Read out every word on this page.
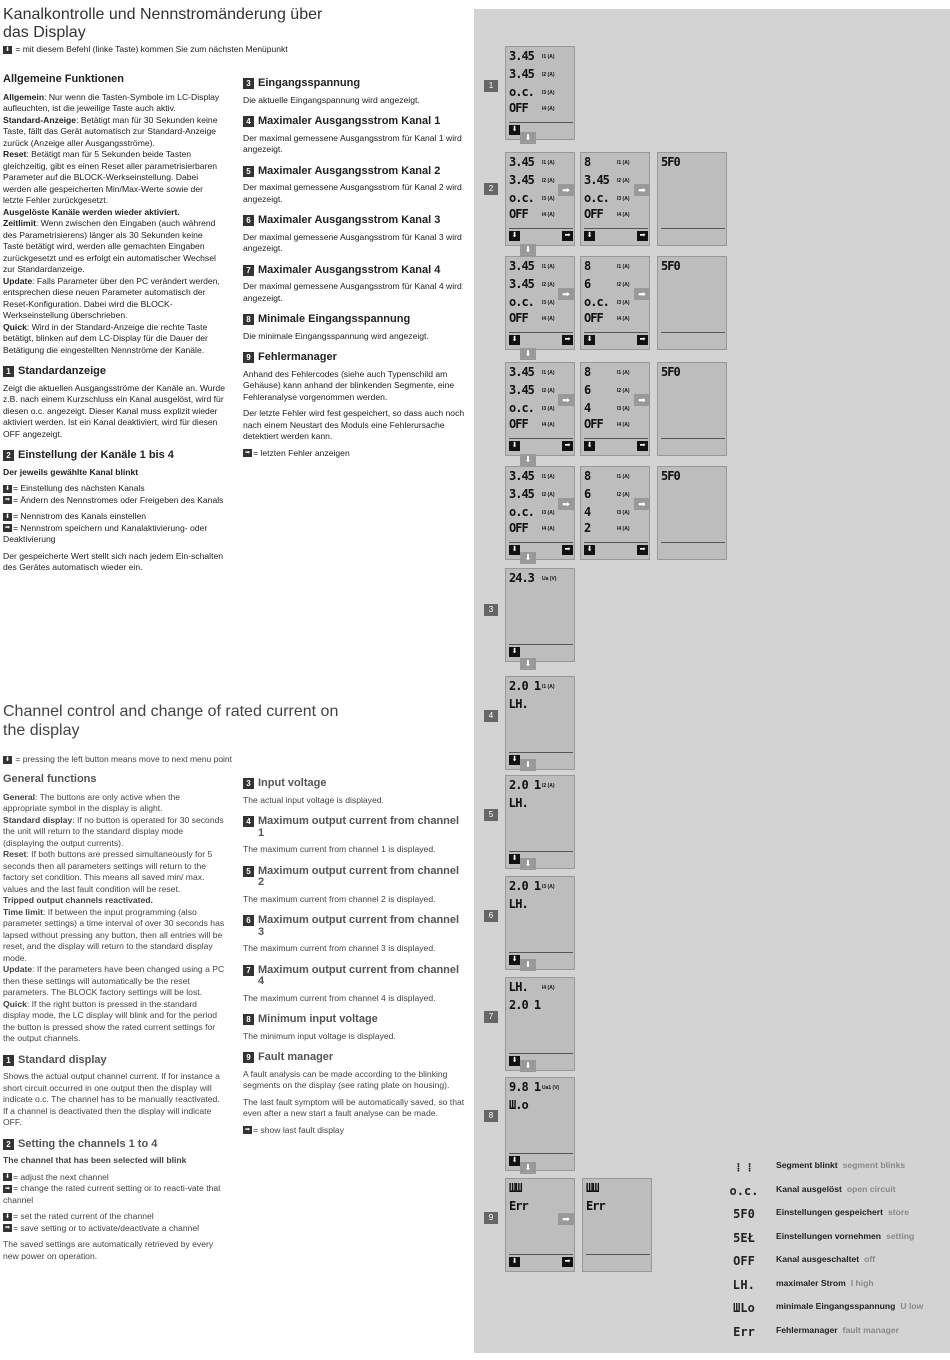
Kanalkontrolle und Nennstromänderung über das Display
⬇ = mit diesem Befehl (linke Taste) kommen Sie zum nächsten Menüpunkt
Allgemeine Funktionen

Allgemein: Nur wenn die Tasten-Symbole im LC-Display aufleuchten, ist die jeweilige Taste auch aktiv.
Standard-Anzeige: Betätigt man für 30 Sekunden keine Taste, fällt das Gerät automatisch zur Standard-Anzeige zurück (Anzeige aller Ausgangsströme).
Reset: Betätigt man für 5 Sekunden beide Tasten gleichzeitig, gibt es einen Reset aller parametrisierbaren Parameter auf die BLOCK-Werkseinstellung. Dabei werden alle gespeicherten Min/Max-Werte sowie der letzte Fehler zurückgesetzt.
Ausgelöste Kanäle werden wieder aktiviert.
Zeitlimit: Wenn zwischen den Eingaben (auch während des Parametrisierens) länger als 30 Sekunden keine Taste betätigt wird, werden alle gemachten Eingaben zurückgesetzt und es erfolgt ein automatischer Wechsel zur Standardanzeige.
Update: Falls Parameter über den PC verändert werden, entsprechen diese neuen Parameter automatisch der Reset-Konfiguration. Dabei wird die BLOCK-Werkseinstellung überschrieben.
Quick: Wird in der Standard-Anzeige die rechte Taste betätigt, blinken auf dem LC-Display für die Dauer der Betätigung die eingestellten Nennströme der Kanäle.

1 Standardanzeige

Zeigt die aktuellen Ausgangsströme der Kanäle an. Wurde z.B. nach einem Kurzschluss ein Kanal ausgelöst, wird für diesen o.c. angezeigt. Dieser Kanal muss explizit wieder aktiviert werden. Ist ein Kanal deaktiviert, wird für diesen OFF angezeigt.

2 Einstellung der Kanäle 1 bis 4

Der jeweils gewählte Kanal blinkt

⬇ = Einstellung des nächsten Kanals
➡ = Ändern des Nennstromes oder Freigeben des Kanals

⬇ = Nennstrom des Kanals einstellen
➡ = Nennstrom speichern und Kanalaktivierung- oder Deaktivierung

Der gespeicherte Wert stellt sich nach jedem Ein-schalten des Gerätes automatisch wieder ein.

3 Eingangsspannung

Die aktuelle Eingangspannung wird angezeigt.

4 Maximaler Ausgangsstrom Kanal 1

Der maximal gemessene Ausgangsstrom für Kanal 1 wird angezeigt.

5 Maximaler Ausgangsstrom Kanal 2

Der maximal gemessene Ausgangsstrom für Kanal 2 wird angezeigt.

6 Maximaler Ausgangsstrom Kanal 3

Der maximal gemessene Ausgangsstrom für Kanal 3 wird angezeigt.

7 Maximaler Ausgangsstrom Kanal 4

Der maximal gemessene Ausgangsstrom für Kanal 4 wird angezeigt.

8 Minimale Eingangsspannung

Die minimale Eingangsspannung wird angezeigt.

9 Fehlermanager

Anhand des Fehlercodes (siehe auch Typenschild am Gehäuse) kann anhand der blinkenden Segmente, eine Fehleranalyse vorgenommen werden.

Der letzte Fehler wird fest gespeichert, so dass auch noch nach einem Neustart des Moduls eine Fehlerursache detektiert werden kann.

➡ = letzten Fehler anzeigen

Channel control and change of rated current on the display
⬇ = pressing the left button means move to next menu point
General functions

General: The buttons are only active when the appropriate symbol in the display is alight.
Standard display: If no button is operated for 30 seconds the unit will return to the standard display mode (displaying the output currents).
Reset: If both buttons are pressed simultaneously for 5 seconds then all parameters settings will return to the factory set condition. This means all saved min/ max. values and the last fault condition will be reset.
Tripped output channels reactivated.
Time limit: If between the input programming (also parameter settings) a time interval of over 30 seconds has lapsed without pressing any button, then all entries will be reset, and the display will return to the standard display mode.
Update: If the parameters have been changed using a PC then these settings will automatically be the reset parameters. The BLOCK factory settings will be lost.
Quick: If the right button is pressed in the standard display mode, the LC display will blink and for the period the button is pressed show the rated current settings for the output channels.

1 Standard display

Shows the actual output channel current. If for instance a short circuit occurred in one output then the display will indicate o.c. The channel has to be manually reactivated. If a channel is deactivated then the display will indicate OFF.

2 Setting the channels 1 to 4

The channel that has been selected will blink

⬇ = adjust the next channel
➡ = change the rated current setting or to reacti-vate that channel

⬇ = set the rated current of the channel
➡ = save setting or to activate/deactivate a channel

The saved settings are automatically retrieved by every new power on operation.

3 Input voltage

The actual input voltage is displayed.

4 Maximum output current from channel 1

The maximum current from channel 1 is displayed.

5 Maximum output current from channel 2

The maximum current from channel 2 is displayed.

6 Maximum output current from channel 3

The maximum current from channel 3 is displayed.

7 Maximum output current from channel 4

The maximum current from channel 4 is displayed.

8 Minimum input voltage

The minimum input voltage is displayed.

9 Fault manager

A fault analysis can be made according to the blinking segments on the display (see rating plate on housing).

The last fault symptom will be automatically saved, so that even after a new start a fault analyse can be made.

➡ = show last fault display

1
3.45
3.45
o.c.
OFF
I1 (A)
I2 (A)
I3 (A)
I4 (A)
⬇
⬇
2
3.45
3.45
o.c.
OFF
I1 (A)
I2 (A)
I3 (A)
I4 (A)
⬇	➡
➡
8
3.45
o.c.
OFF
I1 (A)
I2 (A)
I3 (A)
I4 (A)
⬇	➡
➡
5F0
⬇
3.45
3.45
o.c.
OFF
I1 (A)
I2 (A)
I3 (A)
I4 (A)
⬇	➡
➡
8
6
o.c.
OFF
I1 (A)
I2 (A)
I3 (A)
I4 (A)
⬇	➡
➡
5F0
⬇
3.45
3.45
o.c.
OFF
I1 (A)
I2 (A)
I3 (A)
I4 (A)
⬇	➡
➡
8
6
4
OFF
I1 (A)
I2 (A)
I3 (A)
I4 (A)
⬇	➡
➡
5F0
⬇
3.45
3.45
o.c.
OFF
I1 (A)
I2 (A)
I3 (A)
I4 (A)
⬇	➡
➡
8
6
4
2
I1 (A)
I2 (A)
I3 (A)
I4 (A)
⬇	➡
➡
5F0
⬇
3
24.3 Ua (V)
⬇
⬇
4
2.0 1
ԼH.
I1 (A)
⬇
⬇
5
2.0 1
ԼH.
I2 (A)
⬇
⬇
6
2.0 1
ԼH.
I3 (A)
⬇
⬇
7
ԼH.
2.0 1
I4 (A)
⬇
⬇
8
9.8 1
Ш.o
Ua1 (V)
⬇
⬇
9
ШШ
Err
⬇	➡
➡
ШШ
Err
⁞ ⁞	Segment blinkt segment blinks
o.c.	Kanal ausgelöst open circuit
5F0	Einstellungen gespeichert store
5EŁ	Einstellungen vornehmen setting
OFF	Kanal ausgeschaltet off
ԼH.	maximaler Strom I high
ШLo	minimale Eingangsspannung U low
Err	Fehlermanager fault manager
